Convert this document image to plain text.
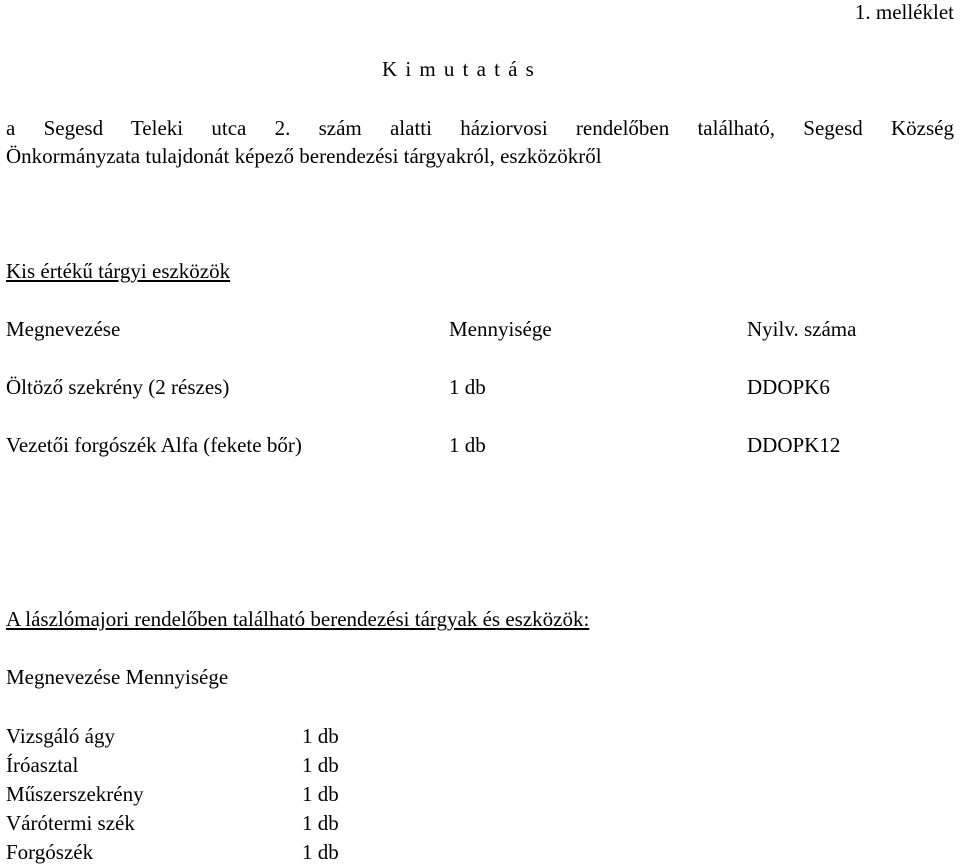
1. melléklet
K i m u t a t á s
a Segesd Teleki utca 2. szám alatti háziorvosi rendelőben található, Segesd Község
Önkormányzata tulajdonát képező berendezési tárgyakról, eszközökről
Kis értékű tárgyi eszközök
Megnevezése	Mennyisége	Nyilv. száma
Öltöző szekrény (2 részes)	1 db	DDOPK6
Vezetői forgószék Alfa (fekete bőr)	1 db	DDOPK12
A lászlómajori rendelőben található berendezési tárgyak és eszközök:
Megnevezése Mennyisége
Vizsgáló ágy	1 db
Íróasztal	1 db
Műszerszekrény	1 db
Várótermi szék	1 db
Forgószék	1 db
